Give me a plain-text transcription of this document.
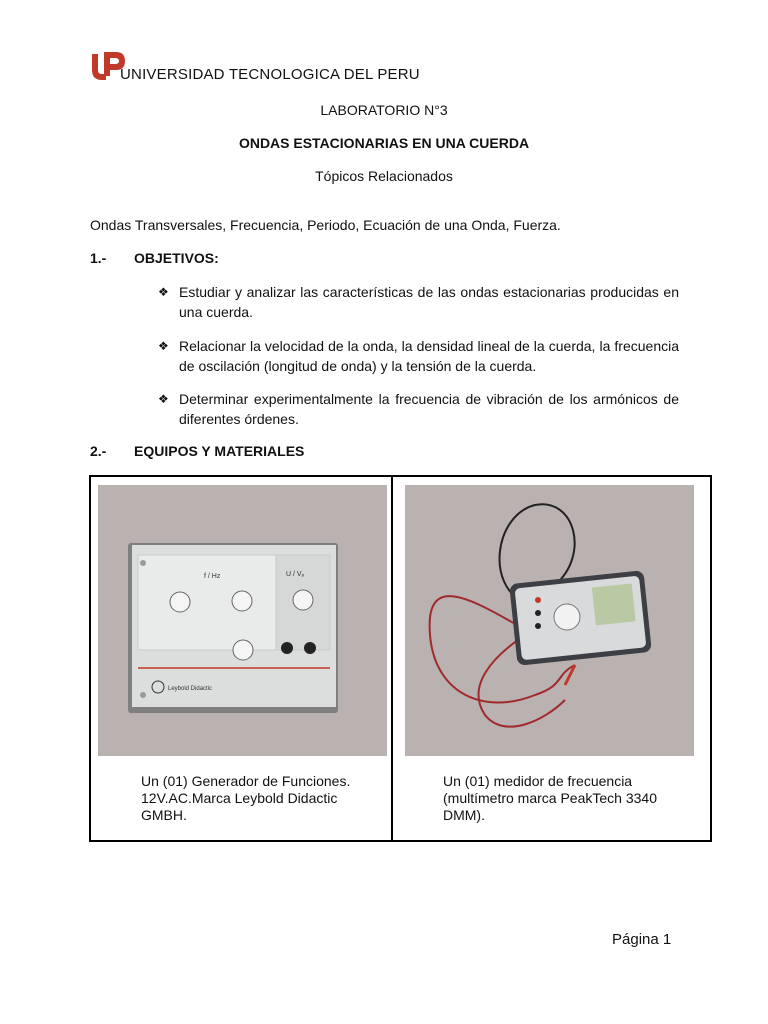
UNIVERSIDAD TECNOLOGICA DEL PERU
LABORATORIO N°3
ONDAS ESTACIONARIAS EN UNA CUERDA
Tópicos Relacionados
Ondas Transversales, Frecuencia, Periodo, Ecuación de una Onda, Fuerza.
1.- OBJETIVOS:
❖ Estudiar y analizar las características de las ondas estacionarias producidas en una cuerda.
❖ Relacionar la velocidad de la onda, la densidad lineal de la cuerda, la frecuencia de oscilación (longitud de onda) y la tensión de la cuerda.
❖ Determinar experimentalmente la frecuencia de vibración de los armónicos de diferentes órdenes.
2.- EQUIPOS Y MATERIALES
f / Hz	U / Vₚ
Leybold Didactic
Un (01) Generador de Funciones. 12V.AC.Marca Leybold Didactic GMBH.
Un (01) medidor de frecuencia (multímetro marca PeakTech 3340 DMM).
Página 1
